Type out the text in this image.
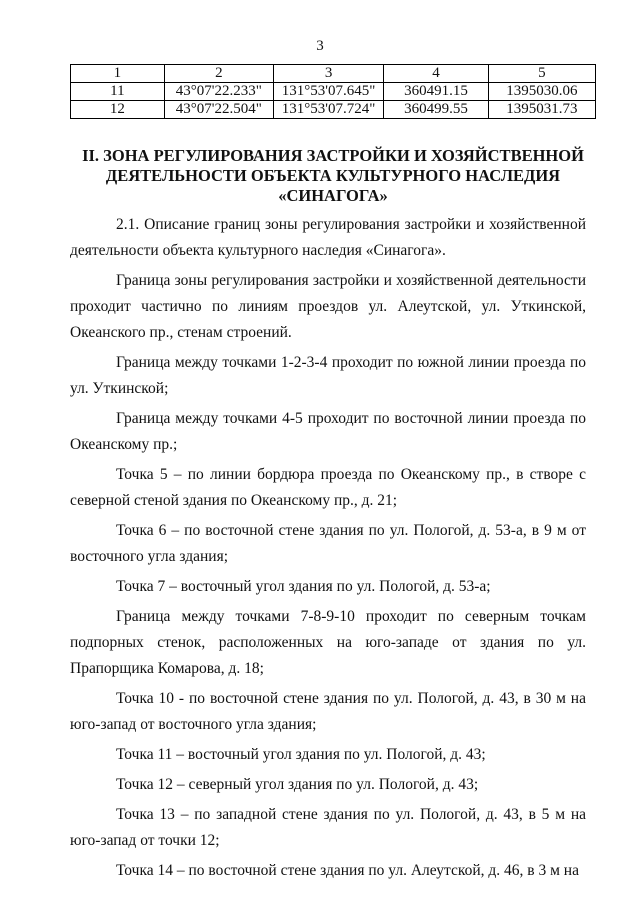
3
1	2	3	4	5
11	43°07'22.233"	131°53'07.645"	360491.15	1395030.06
12	43°07'22.504"	131°53'07.724"	360499.55	1395031.73
II. ЗОНА РЕГУЛИРОВАНИЯ ЗАСТРОЙКИ И ХОЗЯЙСТВЕННОЙ
ДЕЯТЕЛЬНОСТИ ОБЪЕКТА КУЛЬТУРНОГО НАСЛЕДИЯ
«СИНАГОГА»

2.1. Описание границ зоны регулирования застройки и хозяйственной деятельности объекта культурного наследия «Синагога».

Граница зоны регулирования застройки и хозяйственной деятельности проходит частично по линиям проездов ул. Алеутской, ул. Уткинской, Океанского пр., стенам строений.

Граница между точками 1-2-3-4 проходит по южной линии проезда по ул. Уткинской;

Граница между точками 4-5 проходит по восточной линии проезда по Океанскому пр.;

Точка 5 – по линии бордюра проезда по Океанскому пр., в створе с северной стеной здания по Океанскому пр., д. 21;

Точка 6 – по восточной стене здания по ул. Пологой, д. 53-а, в 9 м от восточного угла здания;

Точка 7 – восточный угол здания по ул. Пологой, д. 53-а;

Граница между точками 7-8-9-10 проходит по северным точкам подпорных стенок, расположенных на юго-западе от здания по ул. Прапорщика Комарова, д. 18;

Точка 10 - по восточной стене здания по ул. Пологой, д. 43, в 30 м на юго-запад от восточного угла здания;

Точка 11 – восточный угол здания по ул. Пологой, д. 43;

Точка 12 – северный угол здания по ул. Пологой, д. 43;

Точка 13 – по западной стене здания по ул. Пологой, д. 43, в 5 м на юго-запад от точки 12;

Точка 14 – по восточной стене здания по ул. Алеутской, д. 46, в 3 м на
